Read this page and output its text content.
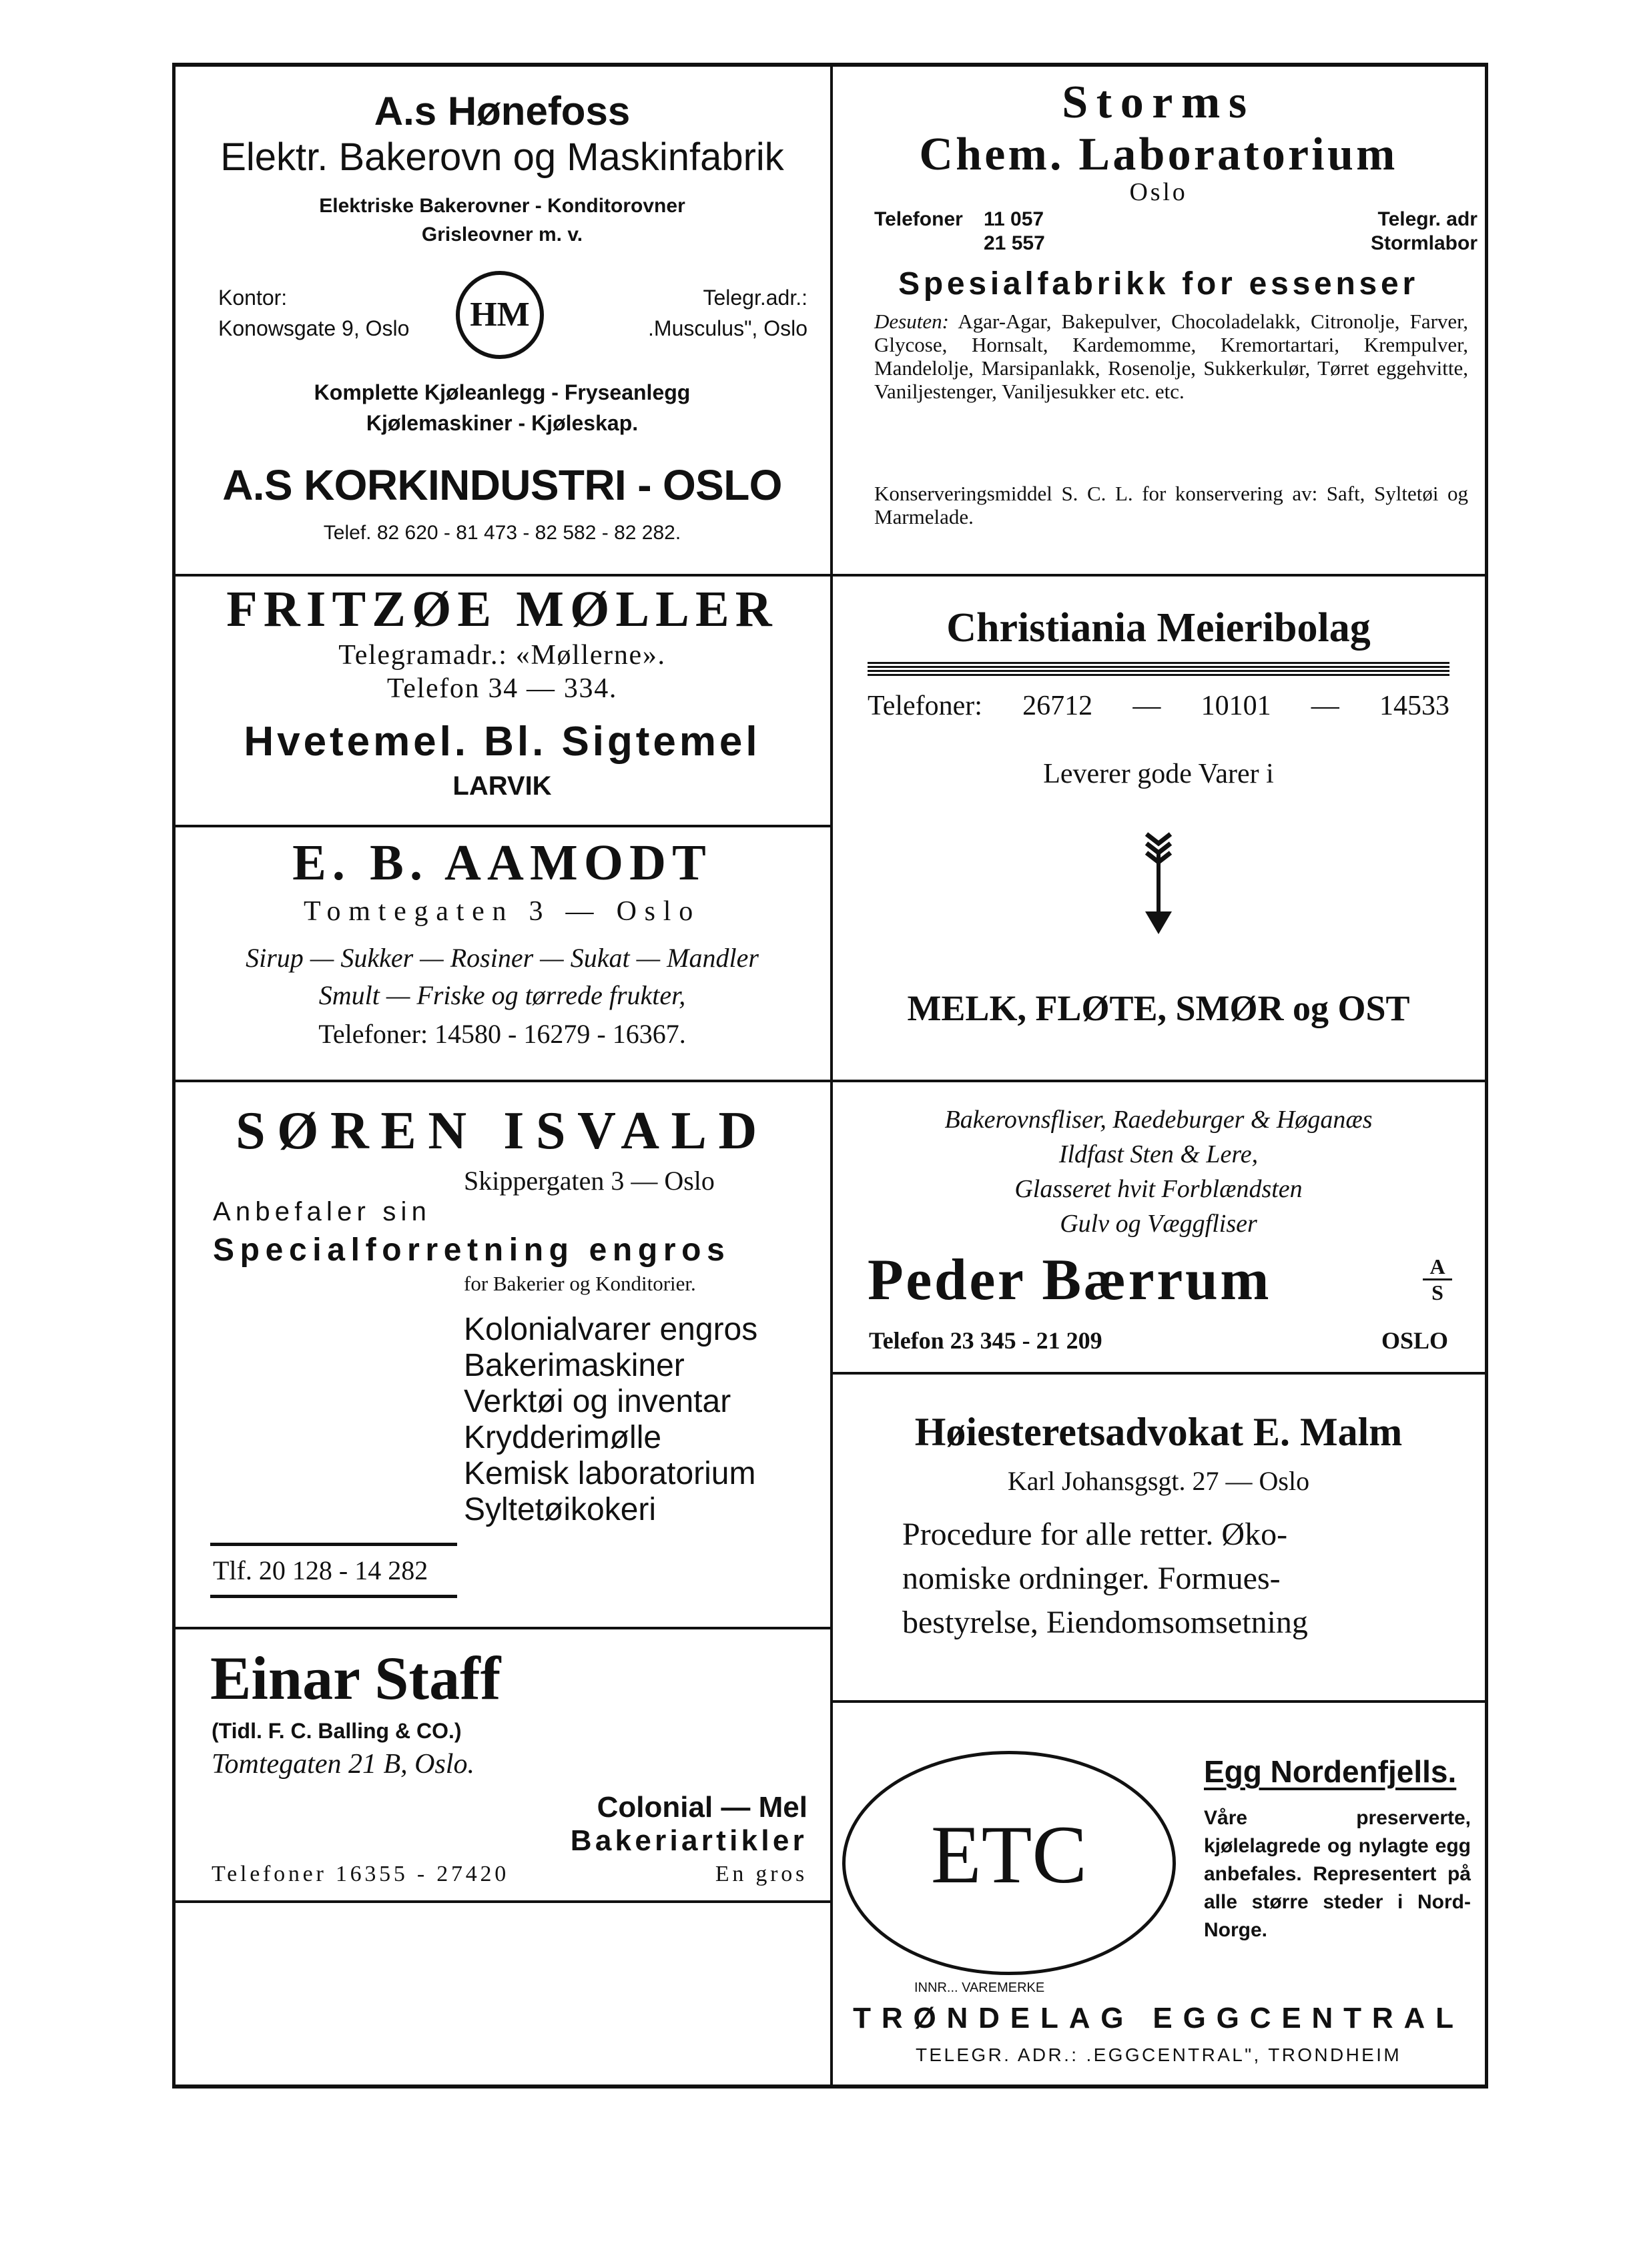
A.s Hønefoss
Elektr. Bakerovn og Maskinfabrik
Elektriske Bakerovner - Konditorovner
Grisleovner m. v.
Kontor:
Konowsgate 9, Oslo HM	Telegr.adr.:
.Musculus", Oslo
Komplette Kjøleanlegg - Fryseanlegg
Kjølemaskiner - Kjøleskap.
A.S KORKINDUSTRI - OSLO
Telef. 82 620 - 81 473 - 82 582 - 82 282.
Storms
Chem. Laboratorium
Oslo
Telefoner 11 057
21 557
Telegr. adr
Stormlabor
Spesialfabrikk for essenser
Desuten: Agar-Agar, Bakepulver, Chocoladelakk, Citronolje, Farver, Glycose, Hornsalt, Kardemomme, Kremortartari, Krempulver, Mandelolje, Marsipanlakk, Rosenolje, Sukkerkulør, Tørret eggehvitte, Vaniljestenger, Vaniljesukker etc. etc.
Konserveringsmiddel S. C. L. for konservering av: Saft, Syltetøi og Marmelade.
FRITZØE MØLLER
Telegramadr.: «Møllerne».
Telefon 34 — 334.
Hvetemel. Bl. Sigtemel
LARVIK
Christiania Meieribolag
Telefoner: 26712 — 10101 — 14533
Leverer gode Varer i
MELK, FLØTE, SMØR og OST
E. B. AAMODT
Tomtegaten 3 — Oslo
Sirup — Sukker — Rosiner — Sukat — Mandler
Smult — Friske og tørrede frukter,
Telefoner: 14580 - 16279 - 16367.
SØREN ISVALD
Skippergaten 3 — Oslo
Anbefaler sin
Specialforretning engros
for Bakerier og Konditorier.
Kolonialvarer engros
Bakerimaskiner
Verktøi og inventar
Krydderimølle
Kemisk laboratorium
Syltetøikokeri
Tlf. 20 128 - 14 282
Bakerovnsfliser, Raedeburger & Høganæs
Ildfast Sten & Lere,
Glasseret hvit Forblændsten
Gulv og Væggfliser
Peder Bærrum	A
S
Telefon 23 345 - 21 209	OSLO
Høiesteretsadvokat E. Malm
Karl Johansgsgt. 27 — Oslo
Procedure for alle retter. Øko-
nomiske ordninger. Formues-
bestyrelse, Eiendomsomsetning
Einar Staff
(Tidl. F. C. Balling & CO.)
Tomtegaten 21 B, Oslo.
Colonial — Mel
Bakeriartikler
Telefoner 16355 - 27420	En gros	ETC
INNR... VAREMERKE
Egg Nordenfjells.
Våre preserverte, kjølelagrede og nylagte egg anbefales. Representert på alle større steder i Nord-Norge.
TRØNDELAG EGGCENTRAL
TELEGR. ADR.: .EGGCENTRAL", TRONDHEIM
